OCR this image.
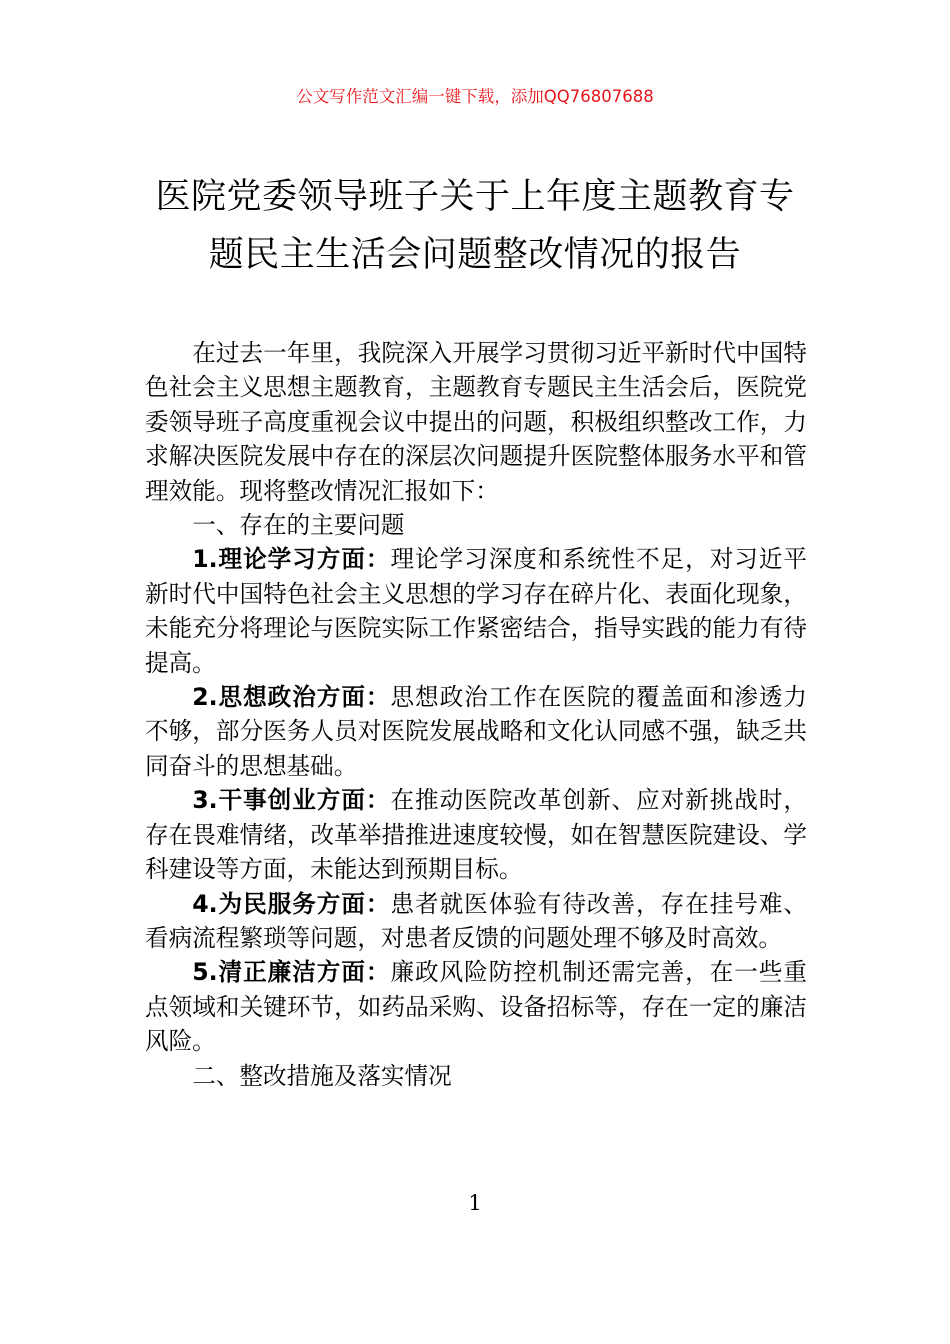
公文写作范文汇编一键下载，添加QQ76807688
医院党委领导班子关于上年度主题教育专
题民主生活会问题整改情况的报告

在过去一年里，我院深入开展学习贯彻习近平新时代中国特色社会主义思想主题教育，主题教育专题民主生活会后，医院党委领导班子高度重视会议中提出的问题，积极组织整改工作，力求解决医院发展中存在的深层次问题提升医院整体服务水平和管理效能。现将整改情况汇报如下：

一、存在的主要问题

1.理论学习方面：理论学习深度和系统性不足，对习近平新时代中国特色社会主义思想的学习存在碎片化、表面化现象，未能充分将理论与医院实际工作紧密结合，指导实践的能力有待提高。

2.思想政治方面：思想政治工作在医院的覆盖面和渗透力不够，部分医务人员对医院发展战略和文化认同感不强，缺乏共同奋斗的思想基础。

3.干事创业方面：在推动医院改革创新、应对新挑战时，存在畏难情绪，改革举措推进速度较慢，如在智慧医院建设、学科建设等方面，未能达到预期目标。

4.为民服务方面：患者就医体验有待改善，存在挂号难、看病流程繁琐等问题，对患者反馈的问题处理不够及时高效。

5.清正廉洁方面：廉政风险防控机制还需完善，在一些重点领域和关键环节，如药品采购、设备招标等，存在一定的廉洁风险。

二、整改措施及落实情况

1
